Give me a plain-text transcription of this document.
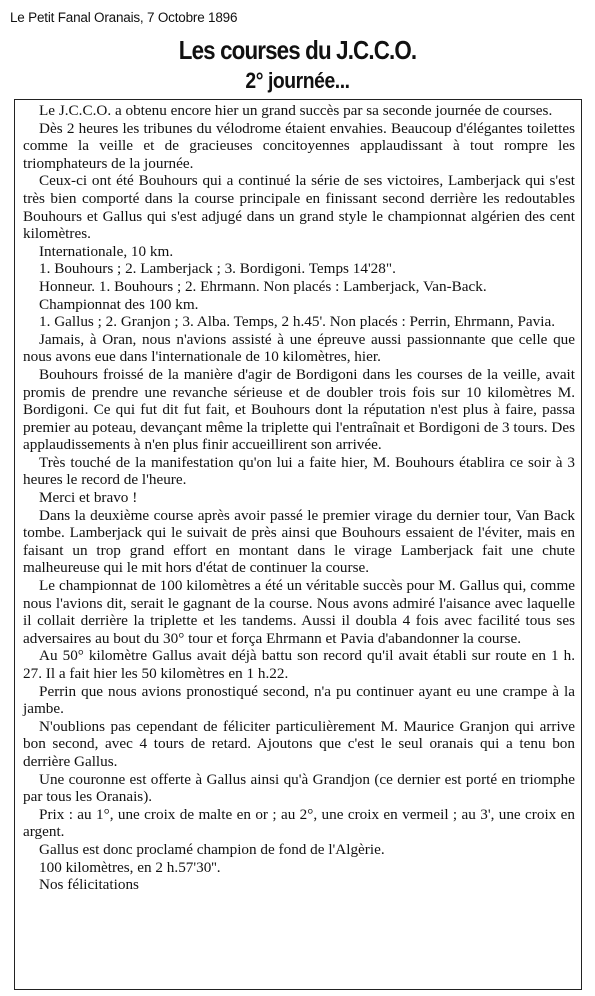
Le Petit Fanal Oranais, 7 Octobre 1896
Les courses du J.C.C.O.
2° journée...

Le J.C.C.O. a obtenu encore hier un grand succès par sa seconde journée de courses.

Dès 2 heures les tribunes du vélodrome étaient envahies. Beaucoup d'élégantes toilettes comme la veille et de gracieuses concitoyennes applaudissant à tout rompre les triomphateurs de la journée.

Ceux-ci ont été Bouhours qui a continué la série de ses victoires, Lamberjack qui s'est très bien comporté dans la course principale en finissant second derrière les redoutables Bouhours et Gallus qui s'est adjugé dans un grand style le championnat algérien des cent kilomètres.

Internationale, 10 km.

1. Bouhours ; 2. Lamberjack ; 3. Bordigoni. Temps 14'28".

Honneur. 1. Bouhours ; 2. Ehrmann. Non placés : Lamberjack, Van-Back.

Championnat des 100 km.

1. Gallus ; 2. Granjon ; 3. Alba. Temps, 2 h.45'. Non placés : Perrin, Ehrmann, Pavia.

Jamais, à Oran, nous n'avions assisté à une épreuve aussi passionnante que celle que nous avons eue dans l'internationale de 10 kilomètres, hier.

Bouhours froissé de la manière d'agir de Bordigoni dans les courses de la veille, avait promis de prendre une revanche sérieuse et de doubler trois fois sur 10 kilomètres M. Bordigoni. Ce qui fut dit fut fait, et Bouhours dont la réputation n'est plus à faire, passa premier au poteau, devançant même la triplette qui l'entraînait et Bordigoni de 3 tours. Des applaudissements à n'en plus finir accueillirent son arrivée.

Très touché de la manifestation qu'on lui a faite hier, M. Bouhours établira ce soir à 3 heures le record de l'heure.

Merci et bravo !

Dans la deuxième course après avoir passé le premier virage du dernier tour, Van Back tombe. Lamberjack qui le suivait de près ainsi que Bouhours essaient de l'éviter, mais en faisant un trop grand effort en montant dans le virage Lamberjack fait une chute malheureuse qui le mit hors d'état de continuer la course.

Le championnat de 100 kilomètres a été un véritable succès pour M. Gallus qui, comme nous l'avions dit, serait le gagnant de la course. Nous avons admiré l'aisance avec laquelle il collait derrière la triplette et les tandems. Aussi il doubla 4 fois avec facilité tous ses adversaires au bout du 30° tour et força Ehrmann et Pavia d'abandonner la course.

Au 50° kilomètre Gallus avait déjà battu son record qu'il avait établi sur route en 1 h. 27. Il a fait hier les 50 kilomètres en 1 h.22.

Perrin que nous avions pronostiqué second, n'a pu continuer ayant eu une crampe à la jambe.

N'oublions pas cependant de féliciter particulièrement M. Maurice Granjon qui arrive bon second, avec 4 tours de retard. Ajoutons que c'est le seul oranais qui a tenu bon derrière Gallus.

Une couronne est offerte à Gallus ainsi qu'à Grandjon (ce dernier est porté en triomphe par tous les Oranais).

Prix : au 1°, une croix de malte en or ; au 2°, une croix en vermeil ; au 3', une croix en argent.

Gallus est donc proclamé champion de fond de l'Algèrie.

100 kilomètres, en 2 h.57'30''.

Nos félicitations
